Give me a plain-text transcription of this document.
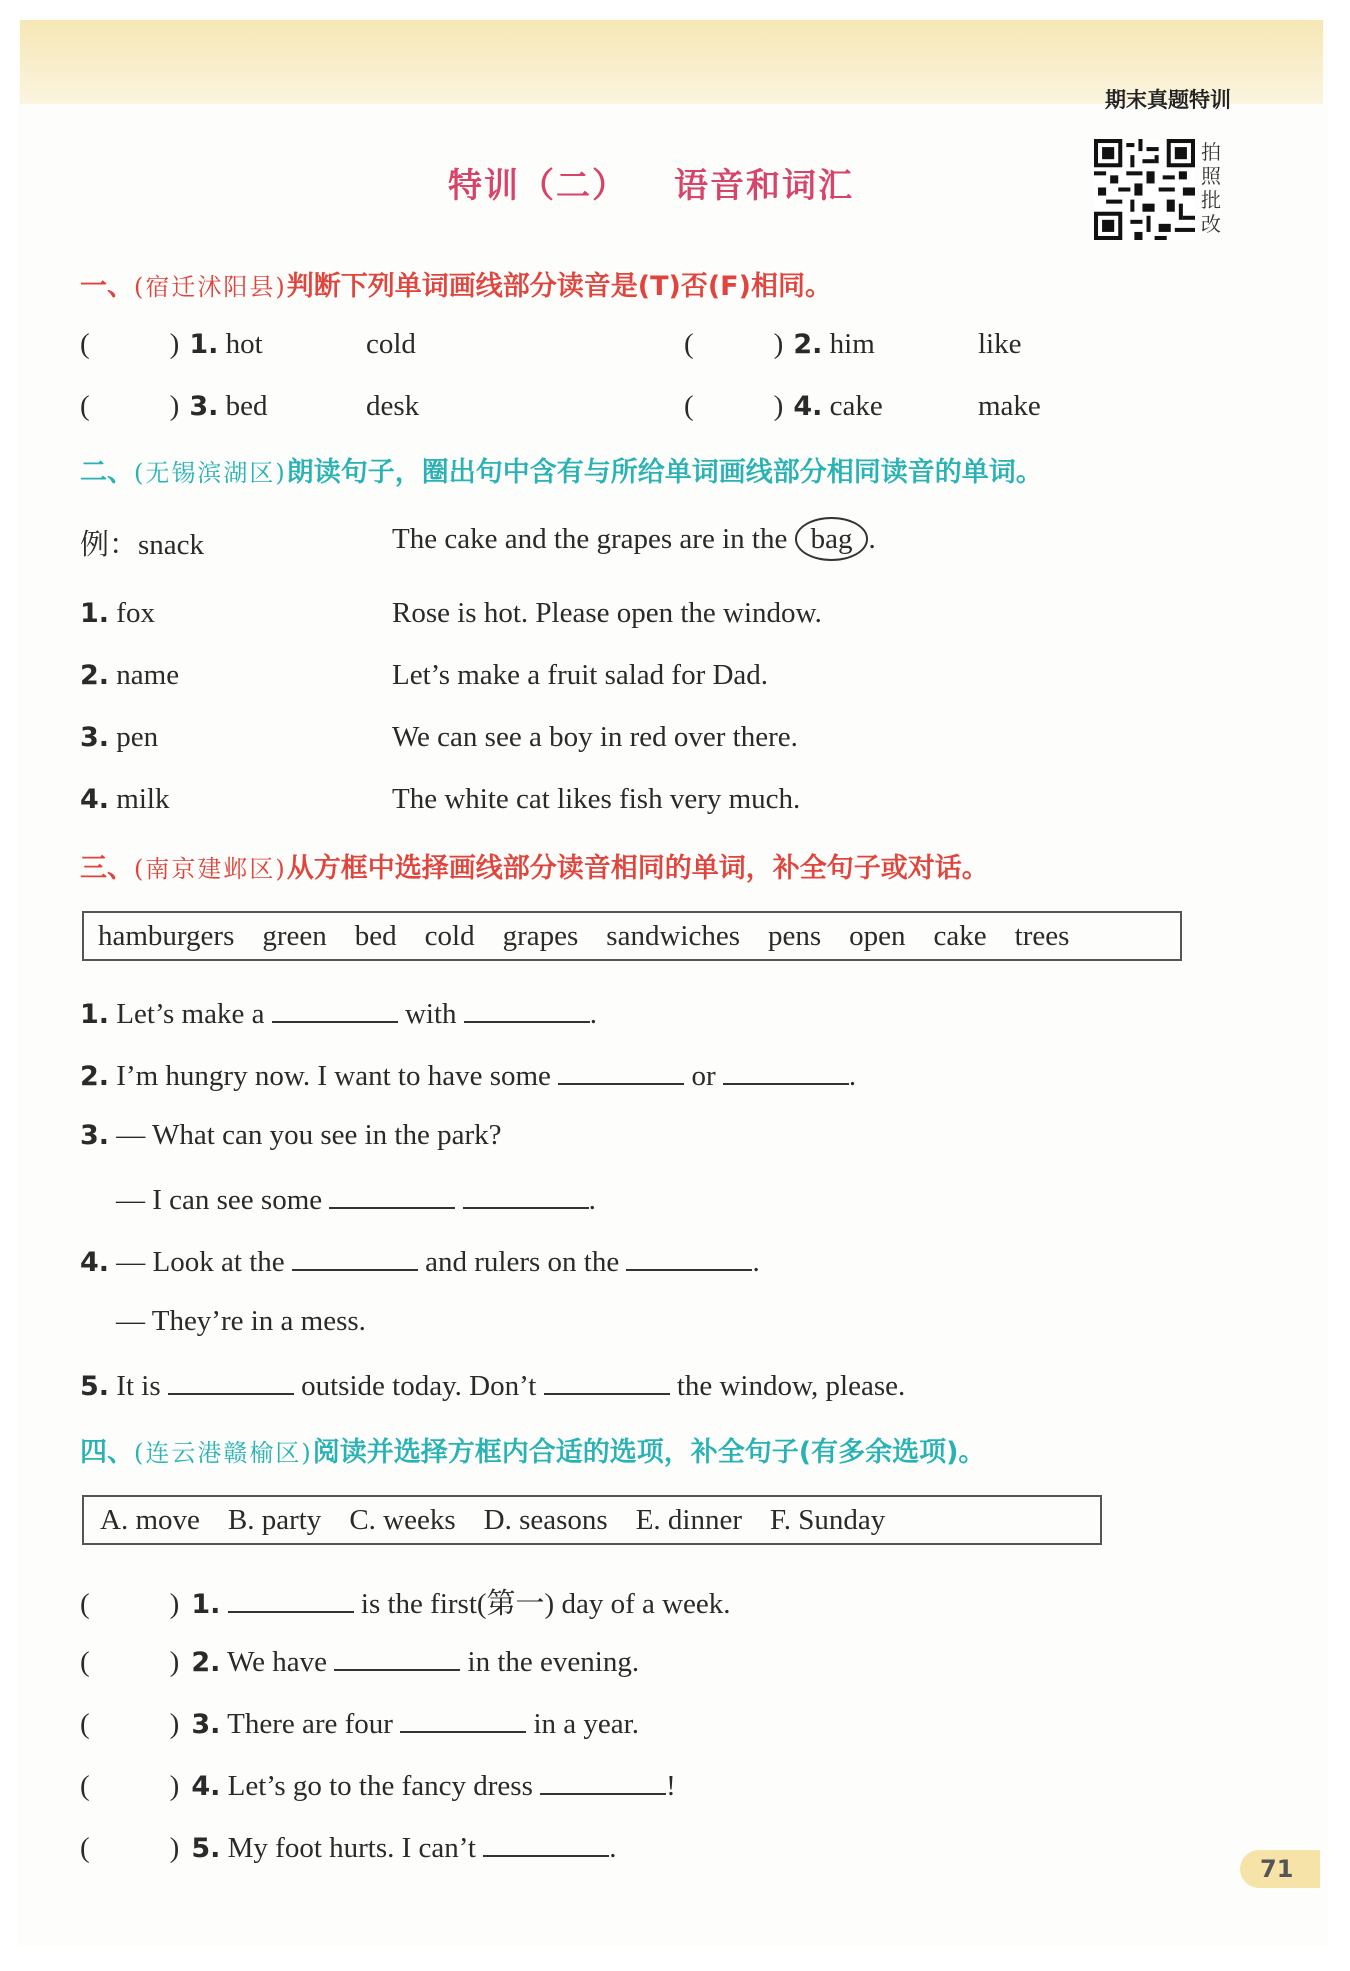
期末真题特训
特训（二） 语音和词汇
拍照批改
一、(宿迁沭阳县)判断下列单词画线部分读音是(T)否(F)相同。
(	) 1. hot	cold	(	) 2. him	like
(	) 3. bed	desk	(	) 4. cake	make
二、(无锡滨湖区)朗读句子，圈出句中含有与所给单词画线部分相同读音的单词。
例：snack	The cake and the grapes are in the bag .
1. fox	Rose is hot. Please open the window.
2. name	Let’s make a fruit salad for Dad.
3. pen	We can see a boy in red over there.
4. milk	The white cat likes fish very much.
三、(南京建邺区)从方框中选择画线部分读音相同的单词，补全句子或对话。
hamburgers green bed cold grapes sandwiches pens open cake trees
1. Let’s make a	with	.
2. I’m hungry now. I want to have some	or	.
3. — What can you see in the park?
— I can see some	.
4. — Look at the	and rulers on the	.
— They’re in a mess.
5. It is	outside today. Don’t	the window, please.
四、(连云港赣榆区)阅读并选择方框内合适的选项，补全句子(有多余选项)。
A. move B. party C. weeks D. seasons E. dinner F. Sunday
(	) 1.	is the first(第一) day of a week.
(	) 2. We have	in the evening.
(	) 3. There are four	in a year.
(	) 4. Let’s go to the fancy dress	!
(	) 5. My foot hurts. I can’t	.
71
